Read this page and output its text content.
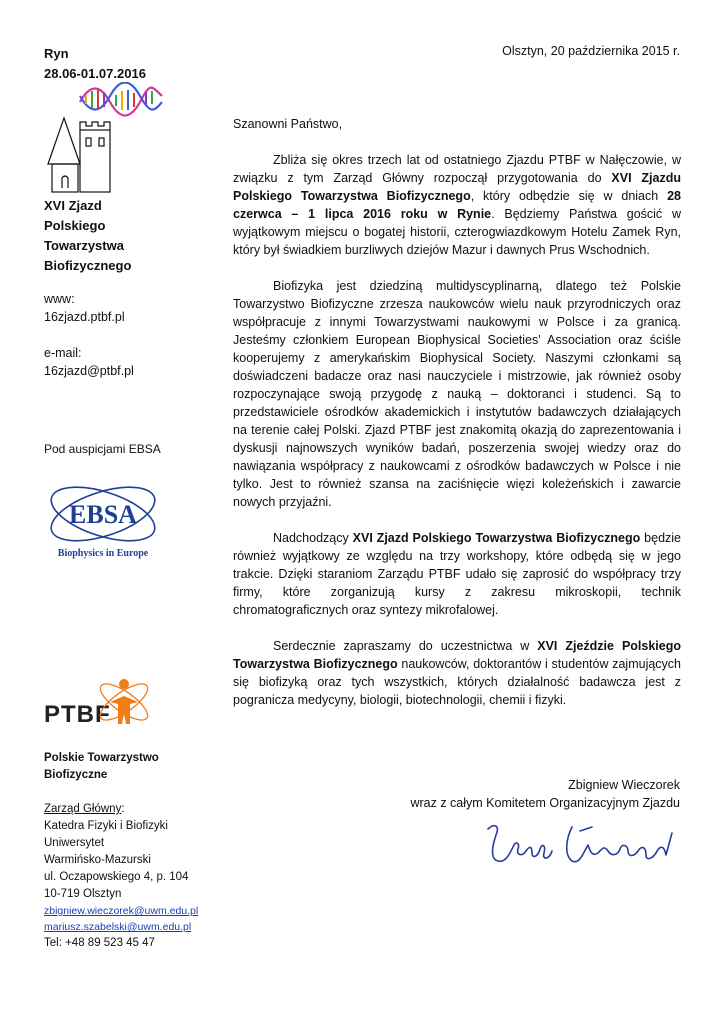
Ryn
28.06-01.07.2016
XVI Zjazd
Polskiego
Towarzystwa
Biofizycznego
www:
16zjazd.ptbf.pl
e-mail:
16zjazd@ptbf.pl
Pod auspicjami EBSA
EBSA
Biophysics in Europe
PTBF
Polskie Towarzystwo
Biofizyczne
Zarząd Główny:
Katedra Fizyki i Biofizyki
Uniwersytet
Warmińsko-Mazurski
ul. Oczapowskiego 4, p. 104
10-719 Olsztyn
zbigniew.wieczorek@uwm.edu.pl
mariusz.szabelski@uwm.edu.pl
Tel: +48 89 523 45 47
Olsztyn, 20 października 2015 r.
Szanowni Państwo,

Zbliża się okres trzech lat od ostatniego Zjazdu PTBF w Nałęczowie, w związku z tym Zarząd Główny rozpoczął przygotowania do XVI Zjazdu Polskiego Towarzystwa Biofizycznego, który odbędzie się w dniach 28 czerwca – 1 lipca 2016 roku w Rynie. Będziemy Państwa gościć w wyjątkowym miejscu o bogatej historii, czterogwiazdkowym Hotelu Zamek Ryn, który był świadkiem burzliwych dziejów Mazur i dawnych Prus Wschodnich.

Biofizyka jest dziedziną multidyscyplinarną, dlatego też Polskie Towarzystwo Biofizyczne zrzesza naukowców wielu nauk przyrodniczych oraz współpracuje z innymi Towarzystwami naukowymi w Polsce i za granicą. Jesteśmy członkiem European Biophysical Societies' Association oraz ściśle kooperujemy z amerykańskim Biophysical Society. Naszymi członkami są doświadczeni badacze oraz nasi nauczyciele i mistrzowie, jak również osoby rozpoczynające swoją przygodę z nauką – doktoranci i studenci. Są to przedstawiciele ośrodków akademickich i instytutów badawczych działających na terenie całej Polski. Zjazd PTBF jest znakomitą okazją do zaprezentowania i dyskusji najnowszych wyników badań, poszerzenia swojej wiedzy oraz do nawiązania współpracy z naukowcami z ośrodków badawczych w Polsce i nie tylko. Jest to również szansa na zaciśnięcie więzi koleżeńskich i zawarcie nowych przyjaźni.

Nadchodzący XVI Zjazd Polskiego Towarzystwa Biofizycznego będzie również wyjątkowy ze względu na trzy workshopy, które odbędą się w jego trakcie. Dzięki staraniom Zarządu PTBF udało się zaprosić do współpracy trzy firmy, które zorganizują kursy z zakresu mikroskopii, technik chromatograficznych oraz syntezy mikrofalowej.

Serdecznie zapraszamy do uczestnictwa w XVI Zjeździe Polskiego Towarzystwa Biofizycznego naukowców, doktorantów i studentów zajmujących się biofizyką oraz tych wszystkich, których działalność badawcza jest z pogranicza medycyny, biologii, biotechnologii, chemii i fizyki.

Zbigniew Wieczorek
wraz z całym Komitetem Organizacyjnym Zjazdu
